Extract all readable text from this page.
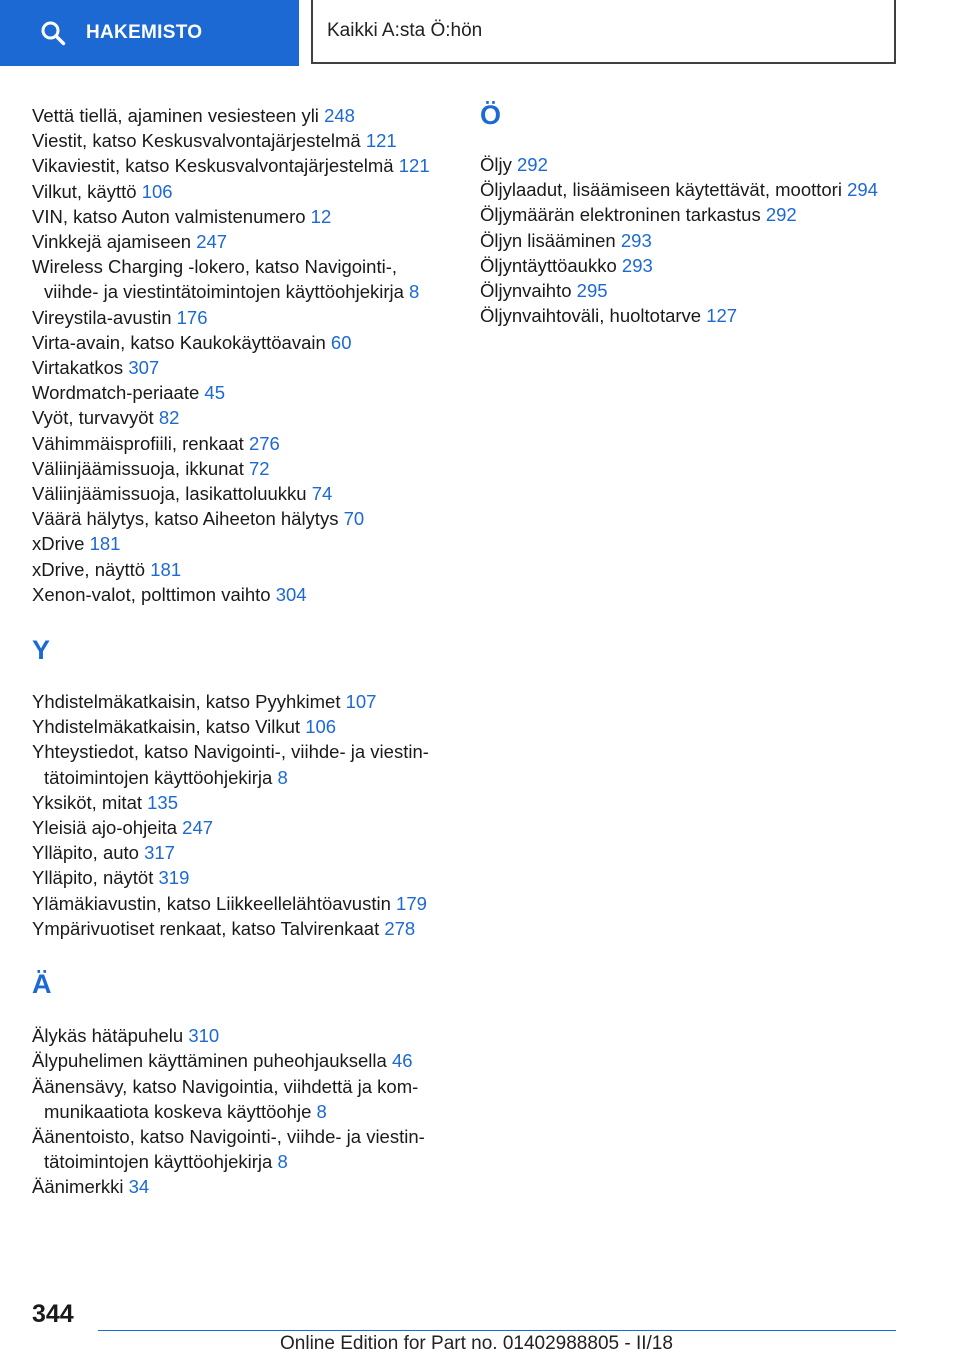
HAKEMISTO	Kaikki A:sta Ö:hön
Vettä tiellä, ajaminen vesiesteen yli 248
Viestit, katso Keskusvalvontajärjestelmä 121
Vikaviestit, katso Keskusvalvontajärjestelmä 121
Vilkut, käyttö 106
VIN, katso Auton valmistenumero 12
Vinkkejä ajamiseen 247
Wireless Charging -lokero, katso Navigointi-,
viihde- ja viestintätoimintojen käyttöohjekirja 8
Vireystila-avustin 176
Virta-avain, katso Kaukokäyttöavain 60
Virtakatkos 307
Wordmatch-periaate 45
Vyöt, turvavyöt 82
Vähimmäisprofiili, renkaat 276
Väliinjäämissuoja, ikkunat 72
Väliinjäämissuoja, lasikattoluukku 74
Väärä hälytys, katso Aiheeton hälytys 70
xDrive 181
xDrive, näyttö 181
Xenon-valot, polttimon vaihto 304
Y
Yhdistelmäkatkaisin, katso Pyyhkimet 107
Yhdistelmäkatkaisin, katso Vilkut 106
Yhteystiedot, katso Navigointi-, viihde- ja viestin-
tätoimintojen käyttöohjekirja 8
Yksiköt, mitat 135
Yleisiä ajo-ohjeita 247
Ylläpito, auto 317
Ylläpito, näytöt 319
Ylämäkiavustin, katso Liikkeellelähtöavustin 179
Ympärivuotiset renkaat, katso Talvirenkaat 278
Ä
Älykäs hätäpuhelu 310
Älypuhelimen käyttäminen puheohjauksella 46
Äänensävy, katso Navigointia, viihdettä ja kom-
munikaatiota koskeva käyttöohje 8
Äänentoisto, katso Navigointi-, viihde- ja viestin-
tätoimintojen käyttöohjekirja 8
Äänimerkki 34
Ö
Öljy 292
Öljylaadut, lisäämiseen käytettävät, moottori 294
Öljymäärän elektroninen tarkastus 292
Öljyn lisääminen 293
Öljyntäyttöaukko 293
Öljynvaihto 295
Öljynvaihtoväli, huoltotarve 127
344
Online Edition for Part no. 01402988805 - II/18
